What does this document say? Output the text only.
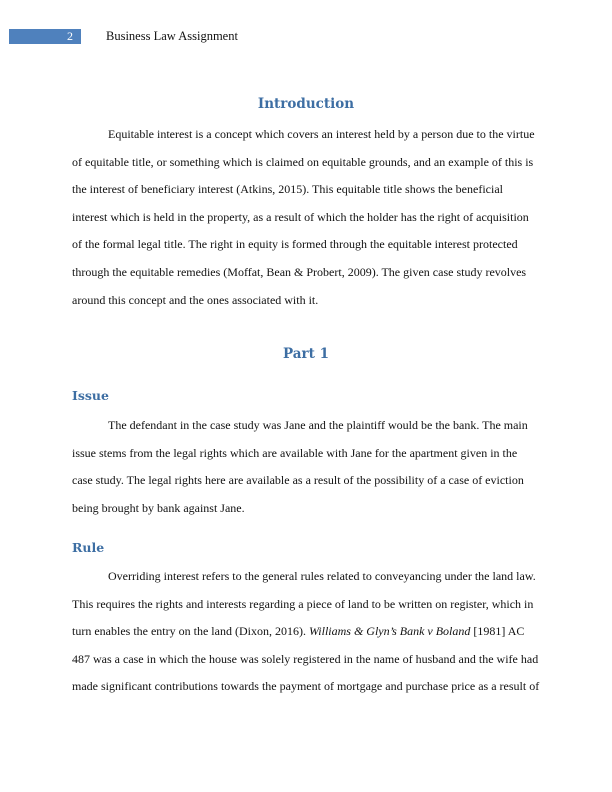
2	Business Law Assignment
Introduction

Equitable interest is a concept which covers an interest held by a person due to the virtue of equitable title, or something which is claimed on equitable grounds, and an example of this is the interest of beneficiary interest (Atkins, 2015). This equitable title shows the beneficial interest which is held in the property, as a result of which the holder has the right of acquisition of the formal legal title. The right in equity is formed through the equitable interest protected through the equitable remedies (Moffat, Bean & Probert, 2009). The given case study revolves around this concept and the ones associated with it.

Part 1
Issue

The defendant in the case study was Jane and the plaintiff would be the bank. The main issue stems from the legal rights which are available with Jane for the apartment given in the case study. The legal rights here are available as a result of the possibility of a case of eviction being brought by bank against Jane.

Rule

Overriding interest refers to the general rules related to conveyancing under the land law. This requires the rights and interests regarding a piece of land to be written on register, which in turn enables the entry on the land (Dixon, 2016). Williams & Glyn’s Bank v Boland [1981] AC 487 was a case in which the house was solely registered in the name of husband and the wife had made significant contributions towards the payment of mortgage and purchase price as a result of
